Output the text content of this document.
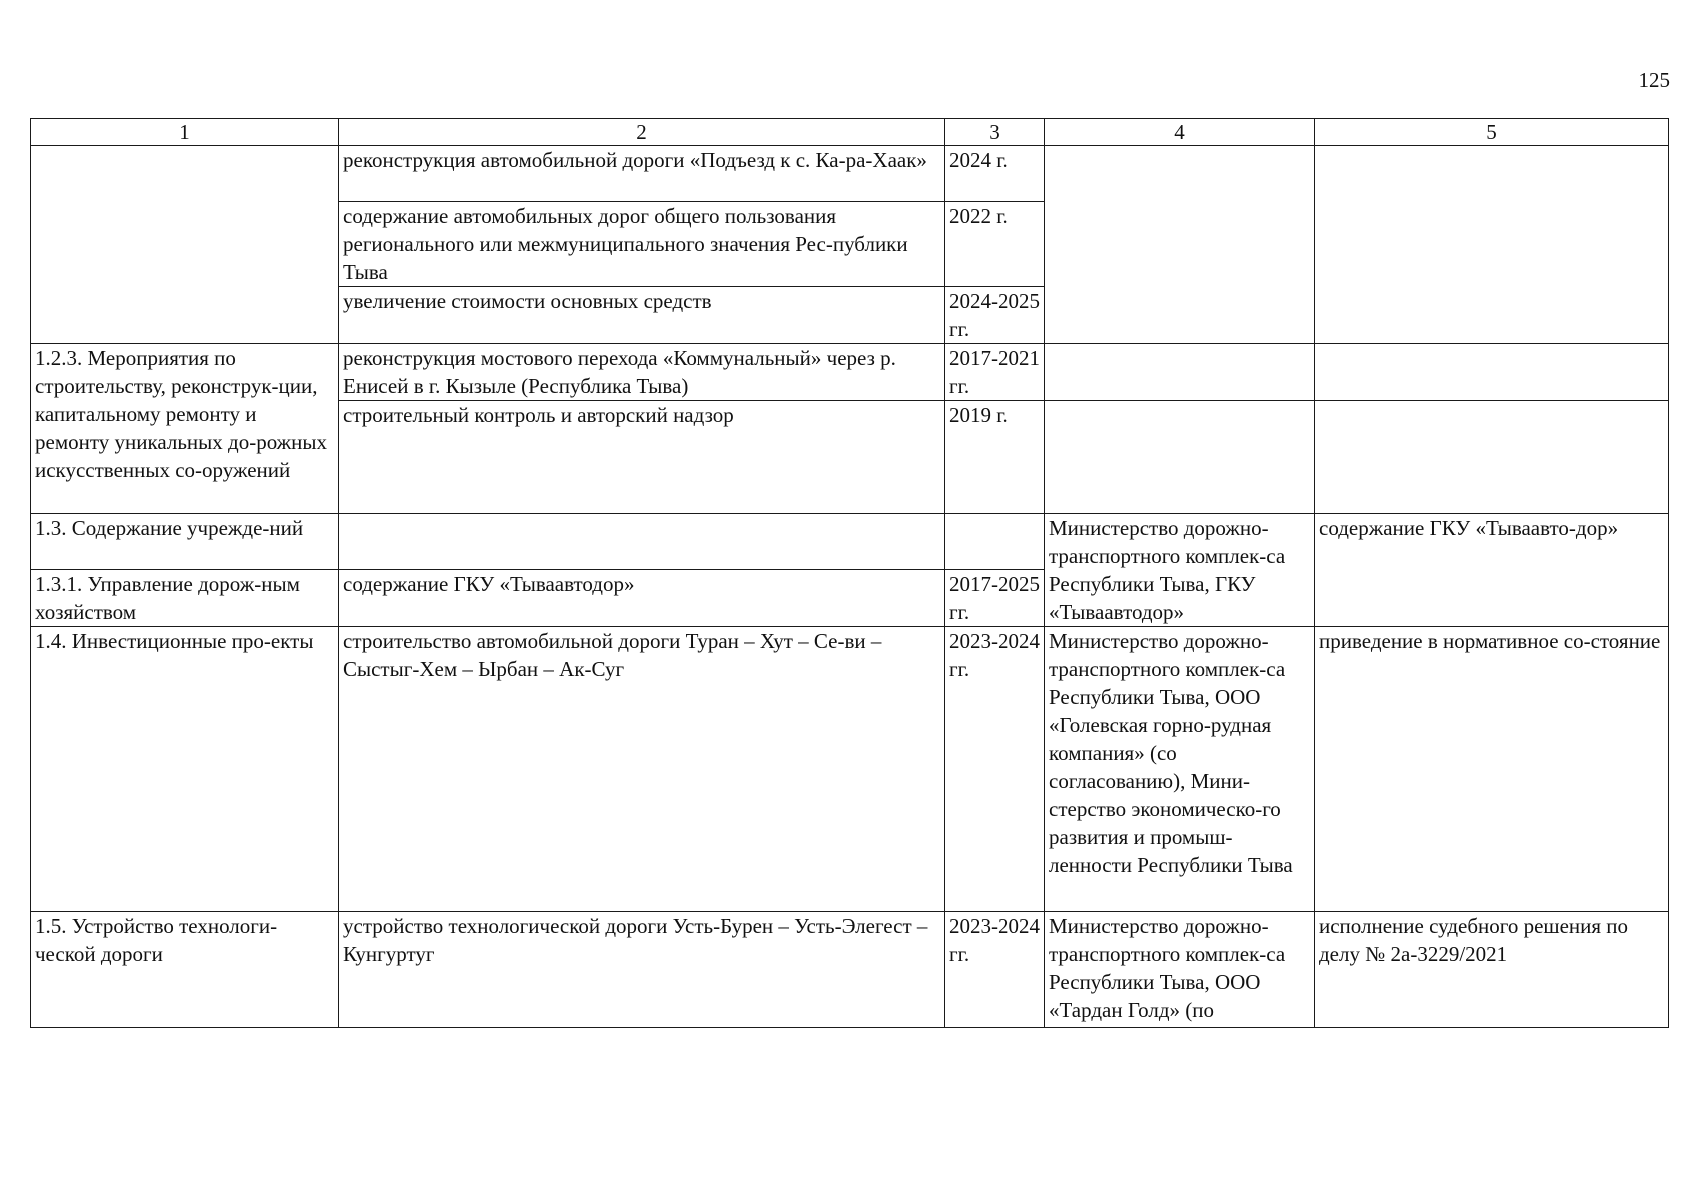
125
1	2	3	4	5
	реконструкция автомобильной дороги «Подъезд к с. Ка-ра-Хаак»	2024 г.		
	содержание автомобильных дорог общего пользования регионального или межмуниципального значения Рес-публики Тыва	2022 г.		
	увеличение стоимости основных средств	2024-2025 гг.		
1.2.3. Мероприятия по строительству, реконструк-ции, капитальному ремонту и ремонту уникальных до-рожных искусственных со-оружений	реконструкция мостового перехода «Коммунальный» через р. Енисей в г. Кызыле (Республика Тыва)	2017-2021 гг.		
	строительный контроль и авторский надзор	2019 г.		
1.3. Содержание учрежде-ний			Министерство дорожно-транспортного комплек-са Республики Тыва, ГКУ «Тываавтодор»	содержание ГКУ «Тываавто-дор»
1.3.1. Управление дорож-ным хозяйством	содержание ГКУ «Тываавтодор»	2017-2025 гг.		
1.4. Инвестиционные про-екты	строительство автомобильной дороги Туран – Хут – Се-ви – Сыстыг-Хем – Ырбан – Ак-Суг	2023-2024 гг.	Министерство дорожно-транспортного комплек-са Республики Тыва, ООО «Голевская горно-рудная компания» (со согласованию), Мини-стерство экономическо-го развития и промыш-ленности Республики Тыва	приведение в нормативное со-стояние
1.5. Устройство технологи-ческой дороги	устройство технологической дороги Усть-Бурен – Усть-Элегест – Кунгуртуг	2023-2024 гг.	Министерство дорожно-транспортного комплек-са Республики Тыва, ООО «Тардан Голд» (по	исполнение судебного решения по делу № 2а-3229/2021
